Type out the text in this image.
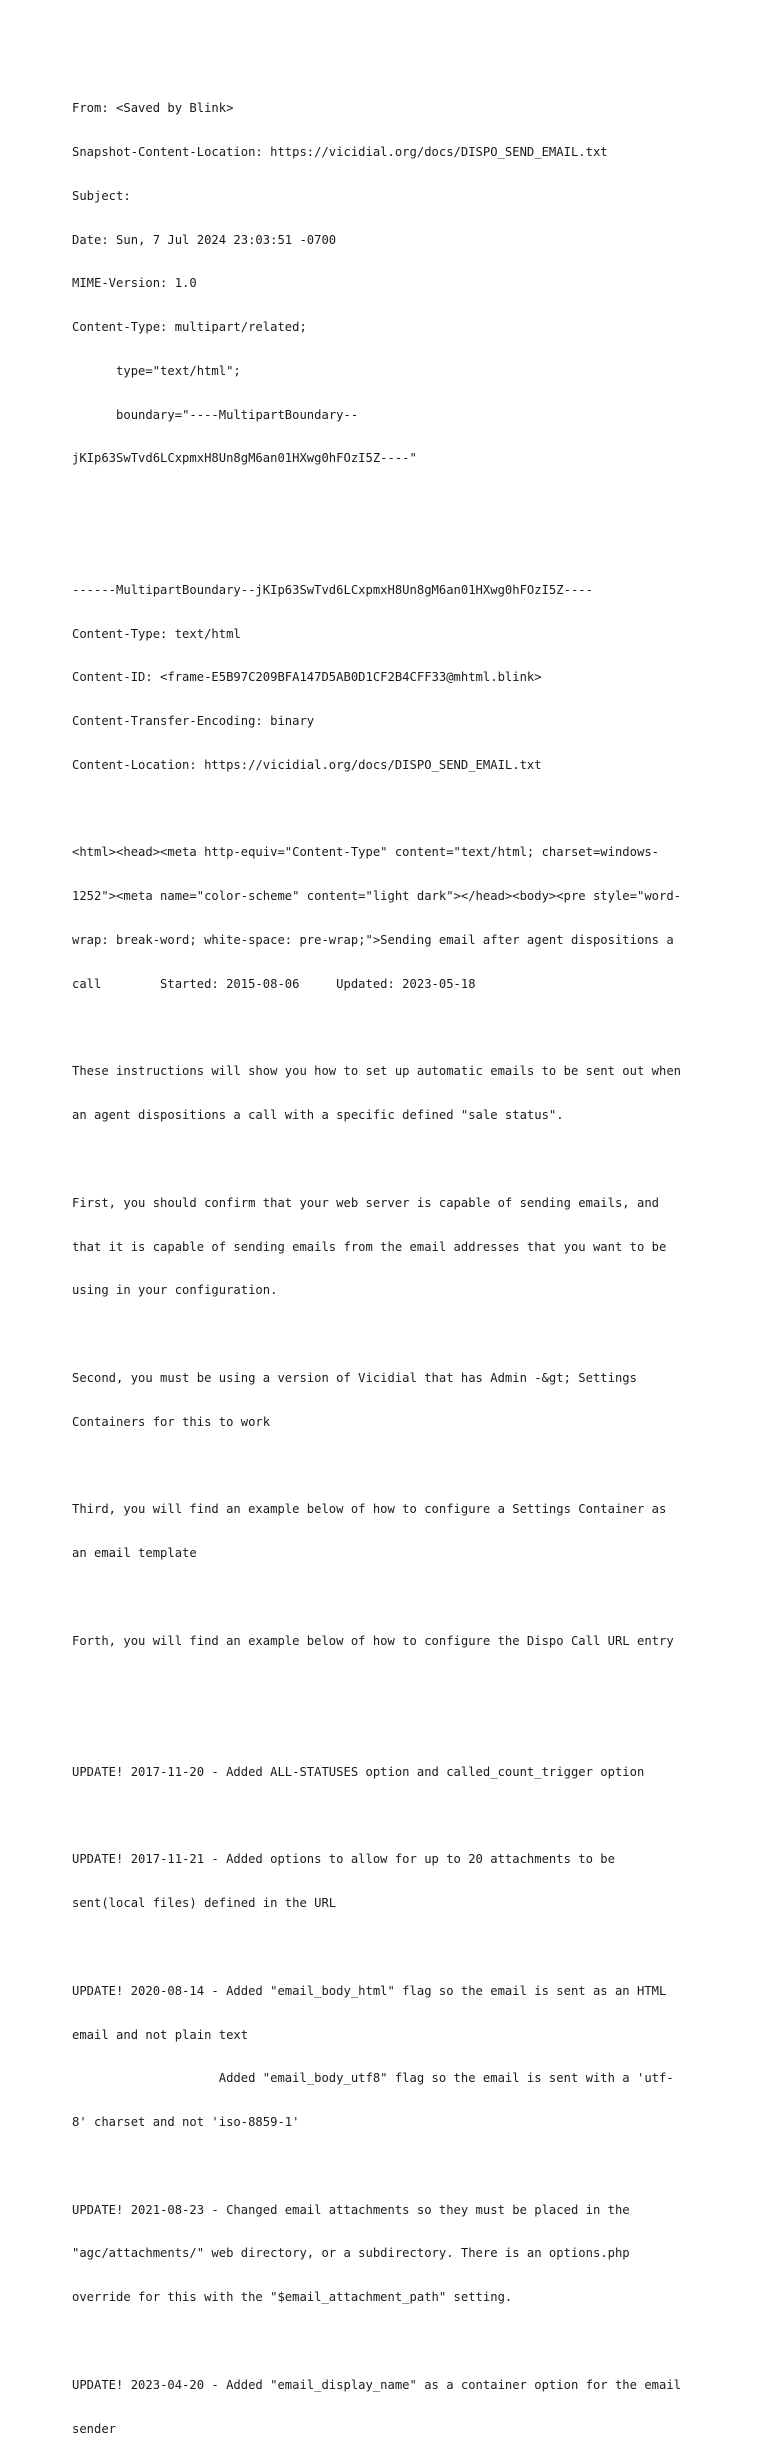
From: <Saved by Blink>

Snapshot-Content-Location: https://vicidial.org/docs/DISPO_SEND_EMAIL.txt

Subject:

Date: Sun, 7 Jul 2024 23:03:51 -0700

MIME-Version: 1.0

Content-Type: multipart/related;

type="text/html";

boundary="----MultipartBoundary--

jKIp63SwTvd6LCxpmxH8Un8gM6an01HXwg0hFOzI5Z----"

------MultipartBoundary--jKIp63SwTvd6LCxpmxH8Un8gM6an01HXwg0hFOzI5Z----

Content-Type: text/html

Content-ID: <frame-E5B97C209BFA147D5AB0D1CF2B4CFF33@mhtml.blink>

Content-Transfer-Encoding: binary

Content-Location: https://vicidial.org/docs/DISPO_SEND_EMAIL.txt

<html><head><meta http-equiv="Content-Type" content="text/html; charset=windows-

1252"><meta name="color-scheme" content="light dark"></head><body><pre style="word-

wrap: break-word; white-space: pre-wrap;">Sending email after agent dispositions a

call        Started: 2015-08-06     Updated: 2023-05-18

These instructions will show you how to set up automatic emails to be sent out when

an agent dispositions a call with a specific defined "sale status".

First, you should confirm that your web server is capable of sending emails, and

that it is capable of sending emails from the email addresses that you want to be

using in your configuration.

Second, you must be using a version of Vicidial that has Admin -&gt; Settings

Containers for this to work

Third, you will find an example below of how to configure a Settings Container as

an email template

Forth, you will find an example below of how to configure the Dispo Call URL entry

UPDATE! 2017-11-20 - Added ALL-STATUSES option and called_count_trigger option

UPDATE! 2017-11-21 - Added options to allow for up to 20 attachments to be

sent(local files) defined in the URL

UPDATE! 2020-08-14 - Added "email_body_html" flag so the email is sent as an HTML

email and not plain text

Added "email_body_utf8" flag so the email is sent with a 'utf-

8' charset and not 'iso-8859-1'

UPDATE! 2021-08-23 - Changed email attachments so they must be placed in the

"agc/attachments/" web directory, or a subdirectory. There is an options.php

override for this with the "$email_attachment_path" setting.

UPDATE! 2023-04-20 - Added "email_display_name" as a container option for the email

sender
